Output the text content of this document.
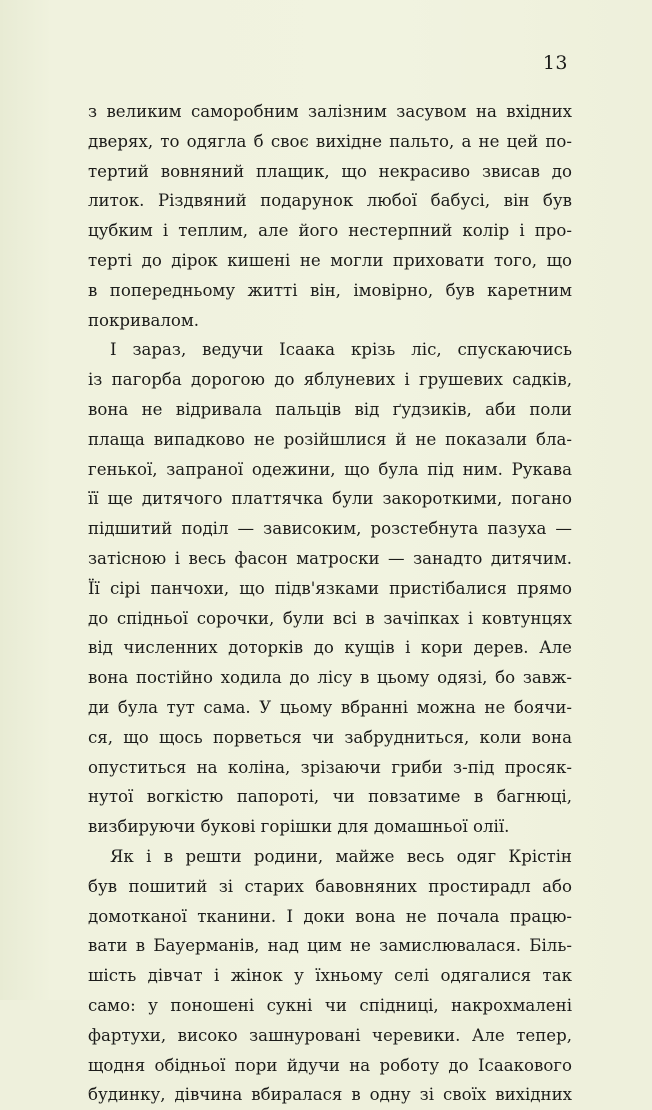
13
з великим саморобним залізним засувом на вхідних
дверях, то одягла б своє вихідне пальто, а не цей по-
тертий вовняний плащик, що некрасиво звисав до
литок. Різдвяний подарунок любої бабусі, він був
цубким і теплим, але його нестерпний колір і про-
терті до дірок кишені не могли приховати того, що
в попередньому житті він, імовірно, був каретним
покривалом.
І зараз, ведучи Ісаака крізь ліс, спускаючись
із пагорба дорогою до яблуневих і грушевих садків,
вона не відривала пальців від ґудзиків, аби поли
плаща випадково не розійшлися й не показали бла-
генької, запраної одежини, що була під ним. Рукава
її ще дитячого платтячка були закороткими, погано
підшитий поділ — зависоким, розстебнута пазуха —
затісною і весь фасон матроски — занадто дитячим.
Її сірі панчохи, що підв'язками пристібалися прямо
до спідньої сорочки, були всі в зачіпках і ковтунцях
від численних доторків до кущів і кори дерев. Але
вона постійно ходила до лісу в цьому одязі, бо завж-
ди була тут сама. У цьому вбранні можна не боячи-
ся, що щось порветься чи забрудниться, коли вона
опуститься на коліна, зрізаючи гриби з-під просяк-
нутої вогкістю папороті, чи повзатиме в багнюці,
визбируючи букові горішки для домашньої олії.
Як і в решти родини, майже весь одяг Крістін
був пошитий зі старих бавовняних простирадл або
домотканої тканини. І доки вона не почала працю-
вати в Бауерманів, над цим не замислювалася. Біль-
шість дівчат і жінок у їхньому селі одягалися так
само: у поношені сукні чи спідниці, накрохмалені
фартухи, високо зашнуровані черевики. Але тепер,
щодня обідньої пори йдучи на роботу до Ісаакового
будинку, дівчина вбиралася в одну зі своїх вихідних
